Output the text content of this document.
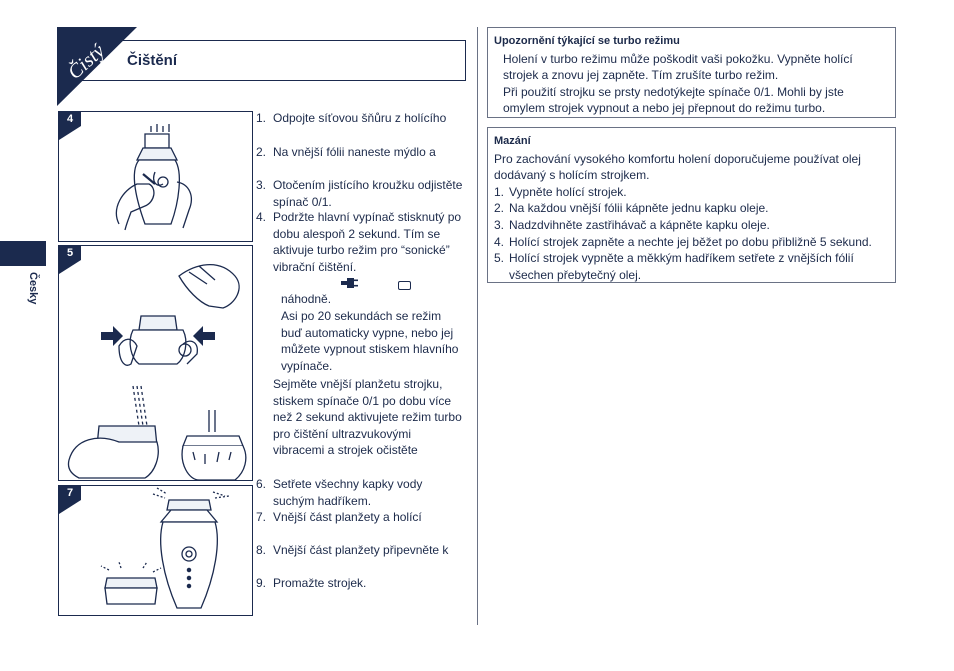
Čistý Čištění
Česky
4
5
7
1. Odpojte síťovou šňůru z holícího
2. Na vnější fólii naneste mýdlo a
3. Otočením jistícího kroužku odjistěte spínač 0/1.
4. Podržte hlavní vypínač stisknutý po dobu alespoň 2 sekund. Tím se aktivuje turbo režim pro “sonické” vibrační čištění.
náhodně.
Asi po 20 sekundách se režim buď automaticky vypne, nebo jej můžete vypnout stiskem hlavního vypínače.
Sejměte vnější planžetu strojku, stiskem spínače 0/1 po dobu více než 2 sekund aktivujete režim turbo pro čištění ultrazvukovými vibracemi a strojek očistěte
6. Setřete všechny kapky vody suchým hadříkem.
7. Vnější část planžety a holící
8. Vnější část planžety připevněte k
9. Promažte strojek.
Upozornění týkající se turbo režimu
Holení v turbo režimu může poškodit vaši pokožku. Vypněte holící strojek a znovu jej zapněte. Tím zrušíte turbo režim.
Při použití strojku se prsty nedotýkejte spínače 0/1. Mohli by jste omylem strojek vypnout a nebo jej přepnout do režimu turbo.
Mazání
Pro zachování vysokého komfortu holení doporučujeme používat olej dodávaný s holícím strojkem.
1. Vypněte holící strojek.
2. Na každou vnější fólii kápněte jednu kapku oleje.
3. Nadzdvihněte zastřihávač a kápněte kapku oleje.
4. Holící strojek zapněte a nechte jej běžet po dobu přibližně 5 sekund.
5. Holící strojek vypněte a měkkým hadříkem setřete z vnějších fólií všechen přebytečný olej.
